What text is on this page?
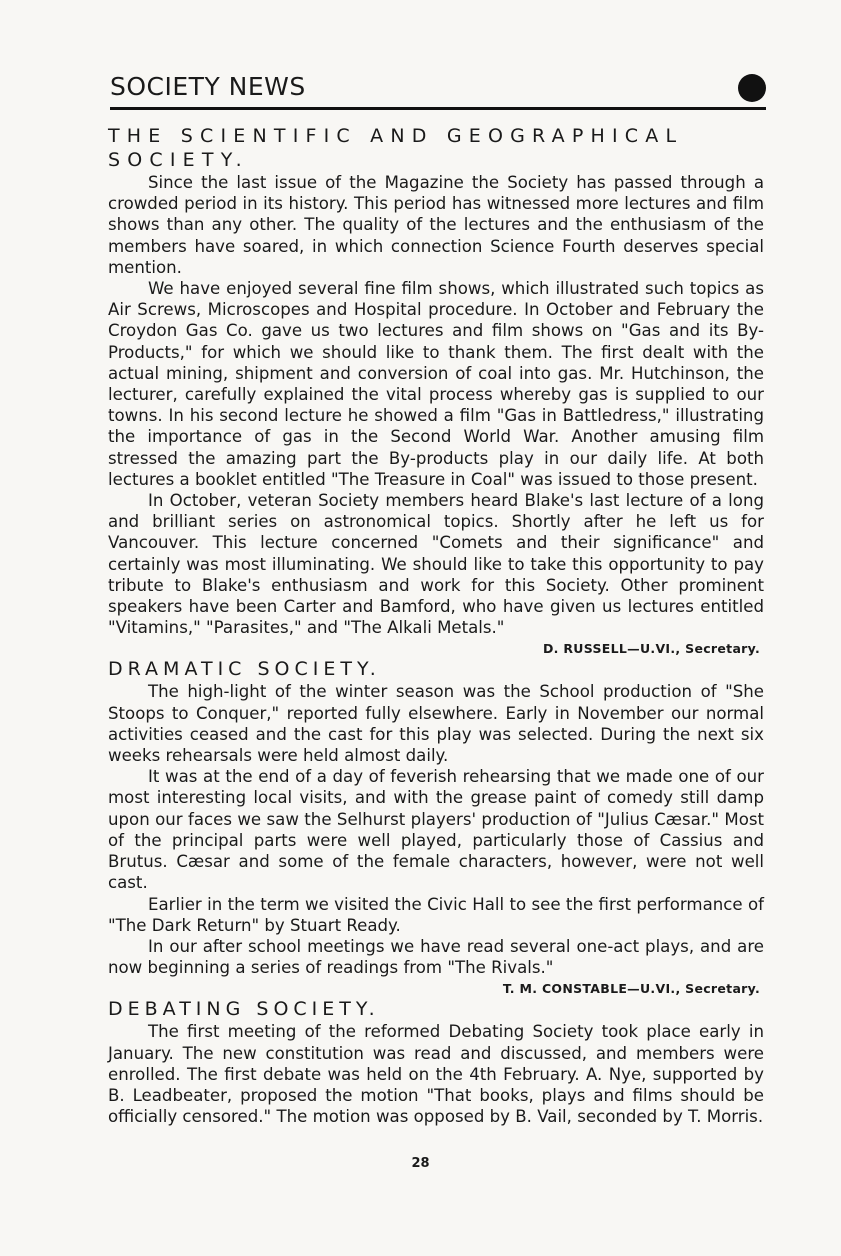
SOCIETY NEWS
THE SCIENTIFIC AND GEOGRAPHICAL SOCIETY.

Since the last issue of the Magazine the Society has passed through a crowded period in its history. This period has witnessed more lectures and film shows than any other. The quality of the lectures and the enthusiasm of the members have soared, in which connection Science Fourth deserves special mention.

We have enjoyed several fine film shows, which illustrated such topics as Air Screws, Microscopes and Hospital procedure. In October and February the Croydon Gas Co. gave us two lectures and film shows on "Gas and its By-Products," for which we should like to thank them. The first dealt with the actual mining, shipment and conversion of coal into gas. Mr. Hutchinson, the lecturer, carefully explained the vital process whereby gas is supplied to our towns. In his second lecture he showed a film "Gas in Battledress," illustrating the importance of gas in the Second World War. Another amusing film stressed the amazing part the By-products play in our daily life. At both lectures a booklet entitled "The Treasure in Coal" was issued to those present.

In October, veteran Society members heard Blake's last lecture of a long and brilliant series on astronomical topics. Shortly after he left us for Vancouver. This lecture concerned "Comets and their significance" and certainly was most illuminating. We should like to take this opportunity to pay tribute to Blake's enthusiasm and work for this Society. Other prominent speakers have been Carter and Bamford, who have given us lectures entitled "Vitamins," "Parasites," and "The Alkali Metals."

D. RUSSELL—U.VI., Secretary.
DRAMATIC SOCIETY.

The high-light of the winter season was the School production of "She Stoops to Conquer," reported fully elsewhere. Early in November our normal activities ceased and the cast for this play was selected. During the next six weeks rehearsals were held almost daily.

It was at the end of a day of feverish rehearsing that we made one of our most interesting local visits, and with the grease paint of comedy still damp upon our faces we saw the Selhurst players' production of "Julius Cæsar." Most of the principal parts were well played, particularly those of Cassius and Brutus. Cæsar and some of the female characters, however, were not well cast.

Earlier in the term we visited the Civic Hall to see the first performance of "The Dark Return" by Stuart Ready.

In our after school meetings we have read several one-act plays, and are now beginning a series of readings from "The Rivals."

T. M. CONSTABLE—U.VI., Secretary.
DEBATING SOCIETY.

The first meeting of the reformed Debating Society took place early in January. The new constitution was read and discussed, and members were enrolled. The first debate was held on the 4th February. A. Nye, supported by B. Leadbeater, proposed the motion "That books, plays and films should be officially censored." The motion was opposed by B. Vail, seconded by T. Morris.

28
